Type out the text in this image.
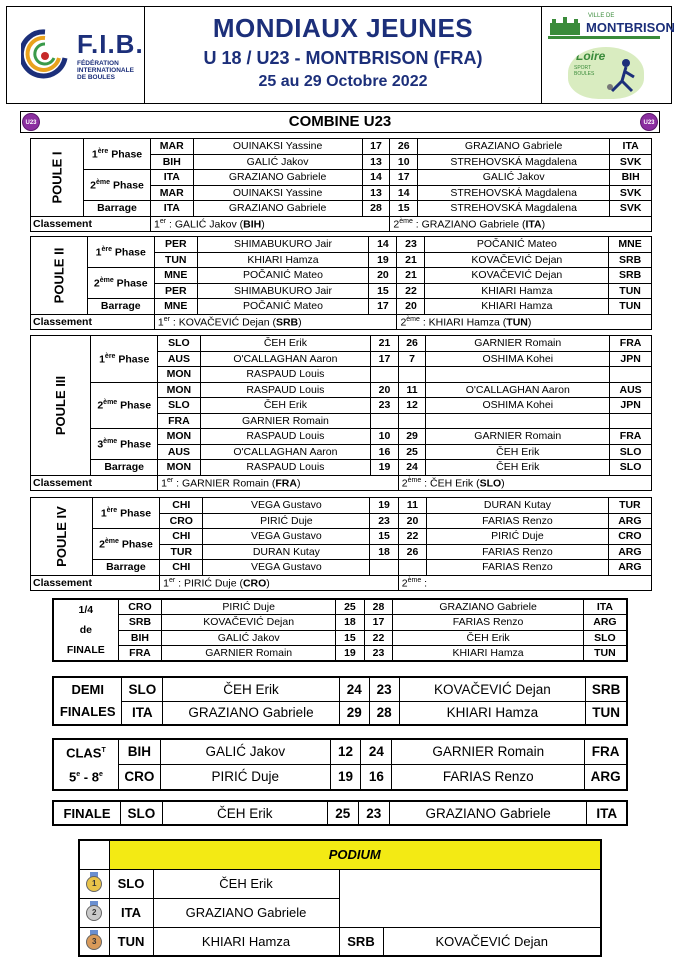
F.I.B.
FÉDÉRATION
INTERNATIONALE
DE BOULES
MONDIAUX JEUNES
U 18 / U23 - MONTBRISON (FRA)
25 au 29 Octobre 2022
VILLE DE
MONTBRISON
Loire
SPORT BOULES
U23	COMBINE U23	U23
POULE I	1ère Phase	MAR	OUINAKSI Yassine	17	26	GRAZIANO Gabriele	ITA
		BIH	GALIĆ Jakov	13	10	STREHOVSKÁ Magdalena	SVK
	2ème Phase	ITA	GRAZIANO Gabriele	14	17	GALIĆ Jakov	BIH
		MAR	OUINAKSI Yassine	13	14	STREHOVSKÁ Magdalena	SVK
	Barrage	ITA	GRAZIANO Gabriele	28	15	STREHOVSKÁ Magdalena	SVK
Classement		1er : GALIĆ Jakov (BIH)			2ème : GRAZIANO Gabriele (ITA)		
POULE II	1ère Phase	PER	SHIMABUKURO Jair	14	23	POČANIĆ Mateo	MNE
		TUN	KHIARI Hamza	19	21	KOVAČEVIĆ Dejan	SRB
	2ème Phase	MNE	POČANIĆ Mateo	20	21	KOVAČEVIĆ Dejan	SRB
		PER	SHIMABUKURO Jair	15	22	KHIARI Hamza	TUN
	Barrage	MNE	POČANIĆ Mateo	17	20	KHIARI Hamza	TUN
Classement		1er : KOVAČEVIĆ Dejan (SRB)			2ème : KHIARI Hamza (TUN)		
POULE III	1ère Phase	SLO	ČEH Erik	21	26	GARNIER Romain	FRA
		AUS	O'CALLAGHAN Aaron	17	7	OSHIMA Kohei	JPN
		MON	RASPAUD Louis				
	2ème Phase	MON	RASPAUD Louis	20	11	O'CALLAGHAN Aaron	AUS
		SLO	ČEH Erik	23	12	OSHIMA Kohei	JPN
		FRA	GARNIER Romain				
	3ème Phase	MON	RASPAUD Louis	10	29	GARNIER Romain	FRA
		AUS	O'CALLAGHAN Aaron	16	25	ČEH Erik	SLO
	Barrage	MON	RASPAUD Louis	19	24	ČEH Erik	SLO
Classement		1er : GARNIER Romain (FRA)			2ème : ČEH Erik (SLO)		
POULE IV	1ère Phase	CHI	VEGA Gustavo	19	11	DURAN Kutay	TUR
		CRO	PIRIĆ Duje	23	20	FARIAS Renzo	ARG
	2ème Phase	CHI	VEGA Gustavo	15	22	PIRIĆ Duje	CRO
		TUR	DURAN Kutay	18	26	FARIAS Renzo	ARG
	Barrage	CHI	VEGA Gustavo			FARIAS Renzo	ARG
Classement		1er : PIRIĆ Duje (CRO)			2ème :		
1/4
de
FINALE	CRO	PIRIĆ Duje	25	28	GRAZIANO Gabriele	ITA
	SRB	KOVAČEVIĆ Dejan	18	17	FARIAS Renzo	ARG
	BIH	GALIĆ Jakov	15	22	ČEH Erik	SLO
	FRA	GARNIER Romain	19	23	KHIARI Hamza	TUN
DEMI
FINALES	SLO	ČEH Erik	24	23	KOVAČEVIĆ Dejan	SRB
	ITA	GRAZIANO Gabriele	29	28	KHIARI Hamza	TUN
$CLAS^T$
5e - 8e	BIH	GALIĆ Jakov	12	24	GARNIER Romain	FRA
	CRO	PIRIĆ Duje	19	16	FARIAS Renzo	ARG
FINALE	SLO	ČEH Erik	25	23	GRAZIANO Gabriele	ITA
	PODIUM			

1	SLO	ČEH Erik		

2	ITA	GRAZIANO Gabriele		

3	TUN	KHIARI Hamza	SRB	KOVAČEVIĆ Dejan
